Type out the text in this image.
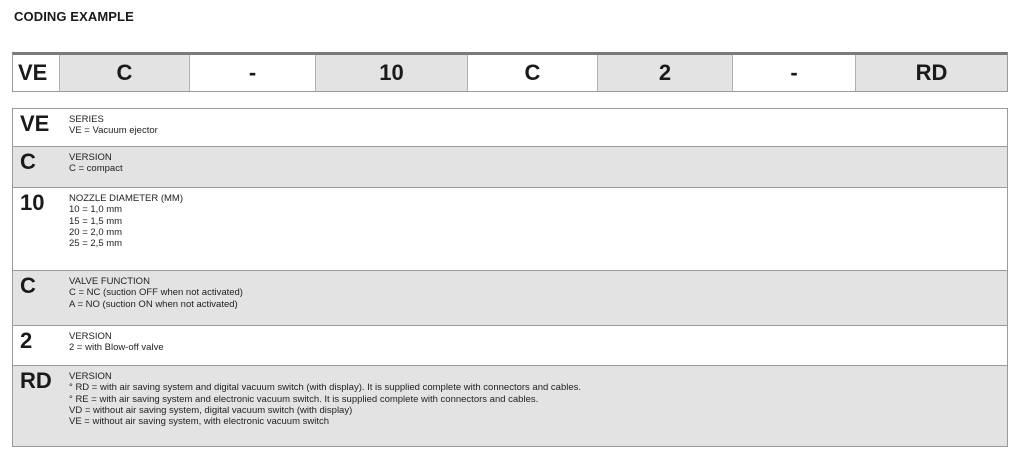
CODING EXAMPLE
VE	C	-	10	C	2	-	RD
VE	SERIES
VE = Vacuum ejector
C	VERSION
C = compact
10	NOZZLE DIAMETER (MM)
10 = 1,0 mm
15 = 1,5 mm
20 = 2,0 mm
25 = 2,5 mm
C	VALVE FUNCTION
C = NC (suction OFF when not activated)
A = NO (suction ON when not activated)
2	VERSION
2 = with Blow-off valve
RD	VERSION
° RD = with air saving system and digital vacuum switch (with display). It is supplied complete with connectors and cables.
° RE = with air saving system and electronic vacuum switch. It is supplied complete with connectors and cables.
VD = without air saving system, digital vacuum switch (with display)
VE = without air saving system, with electronic vacuum switch
